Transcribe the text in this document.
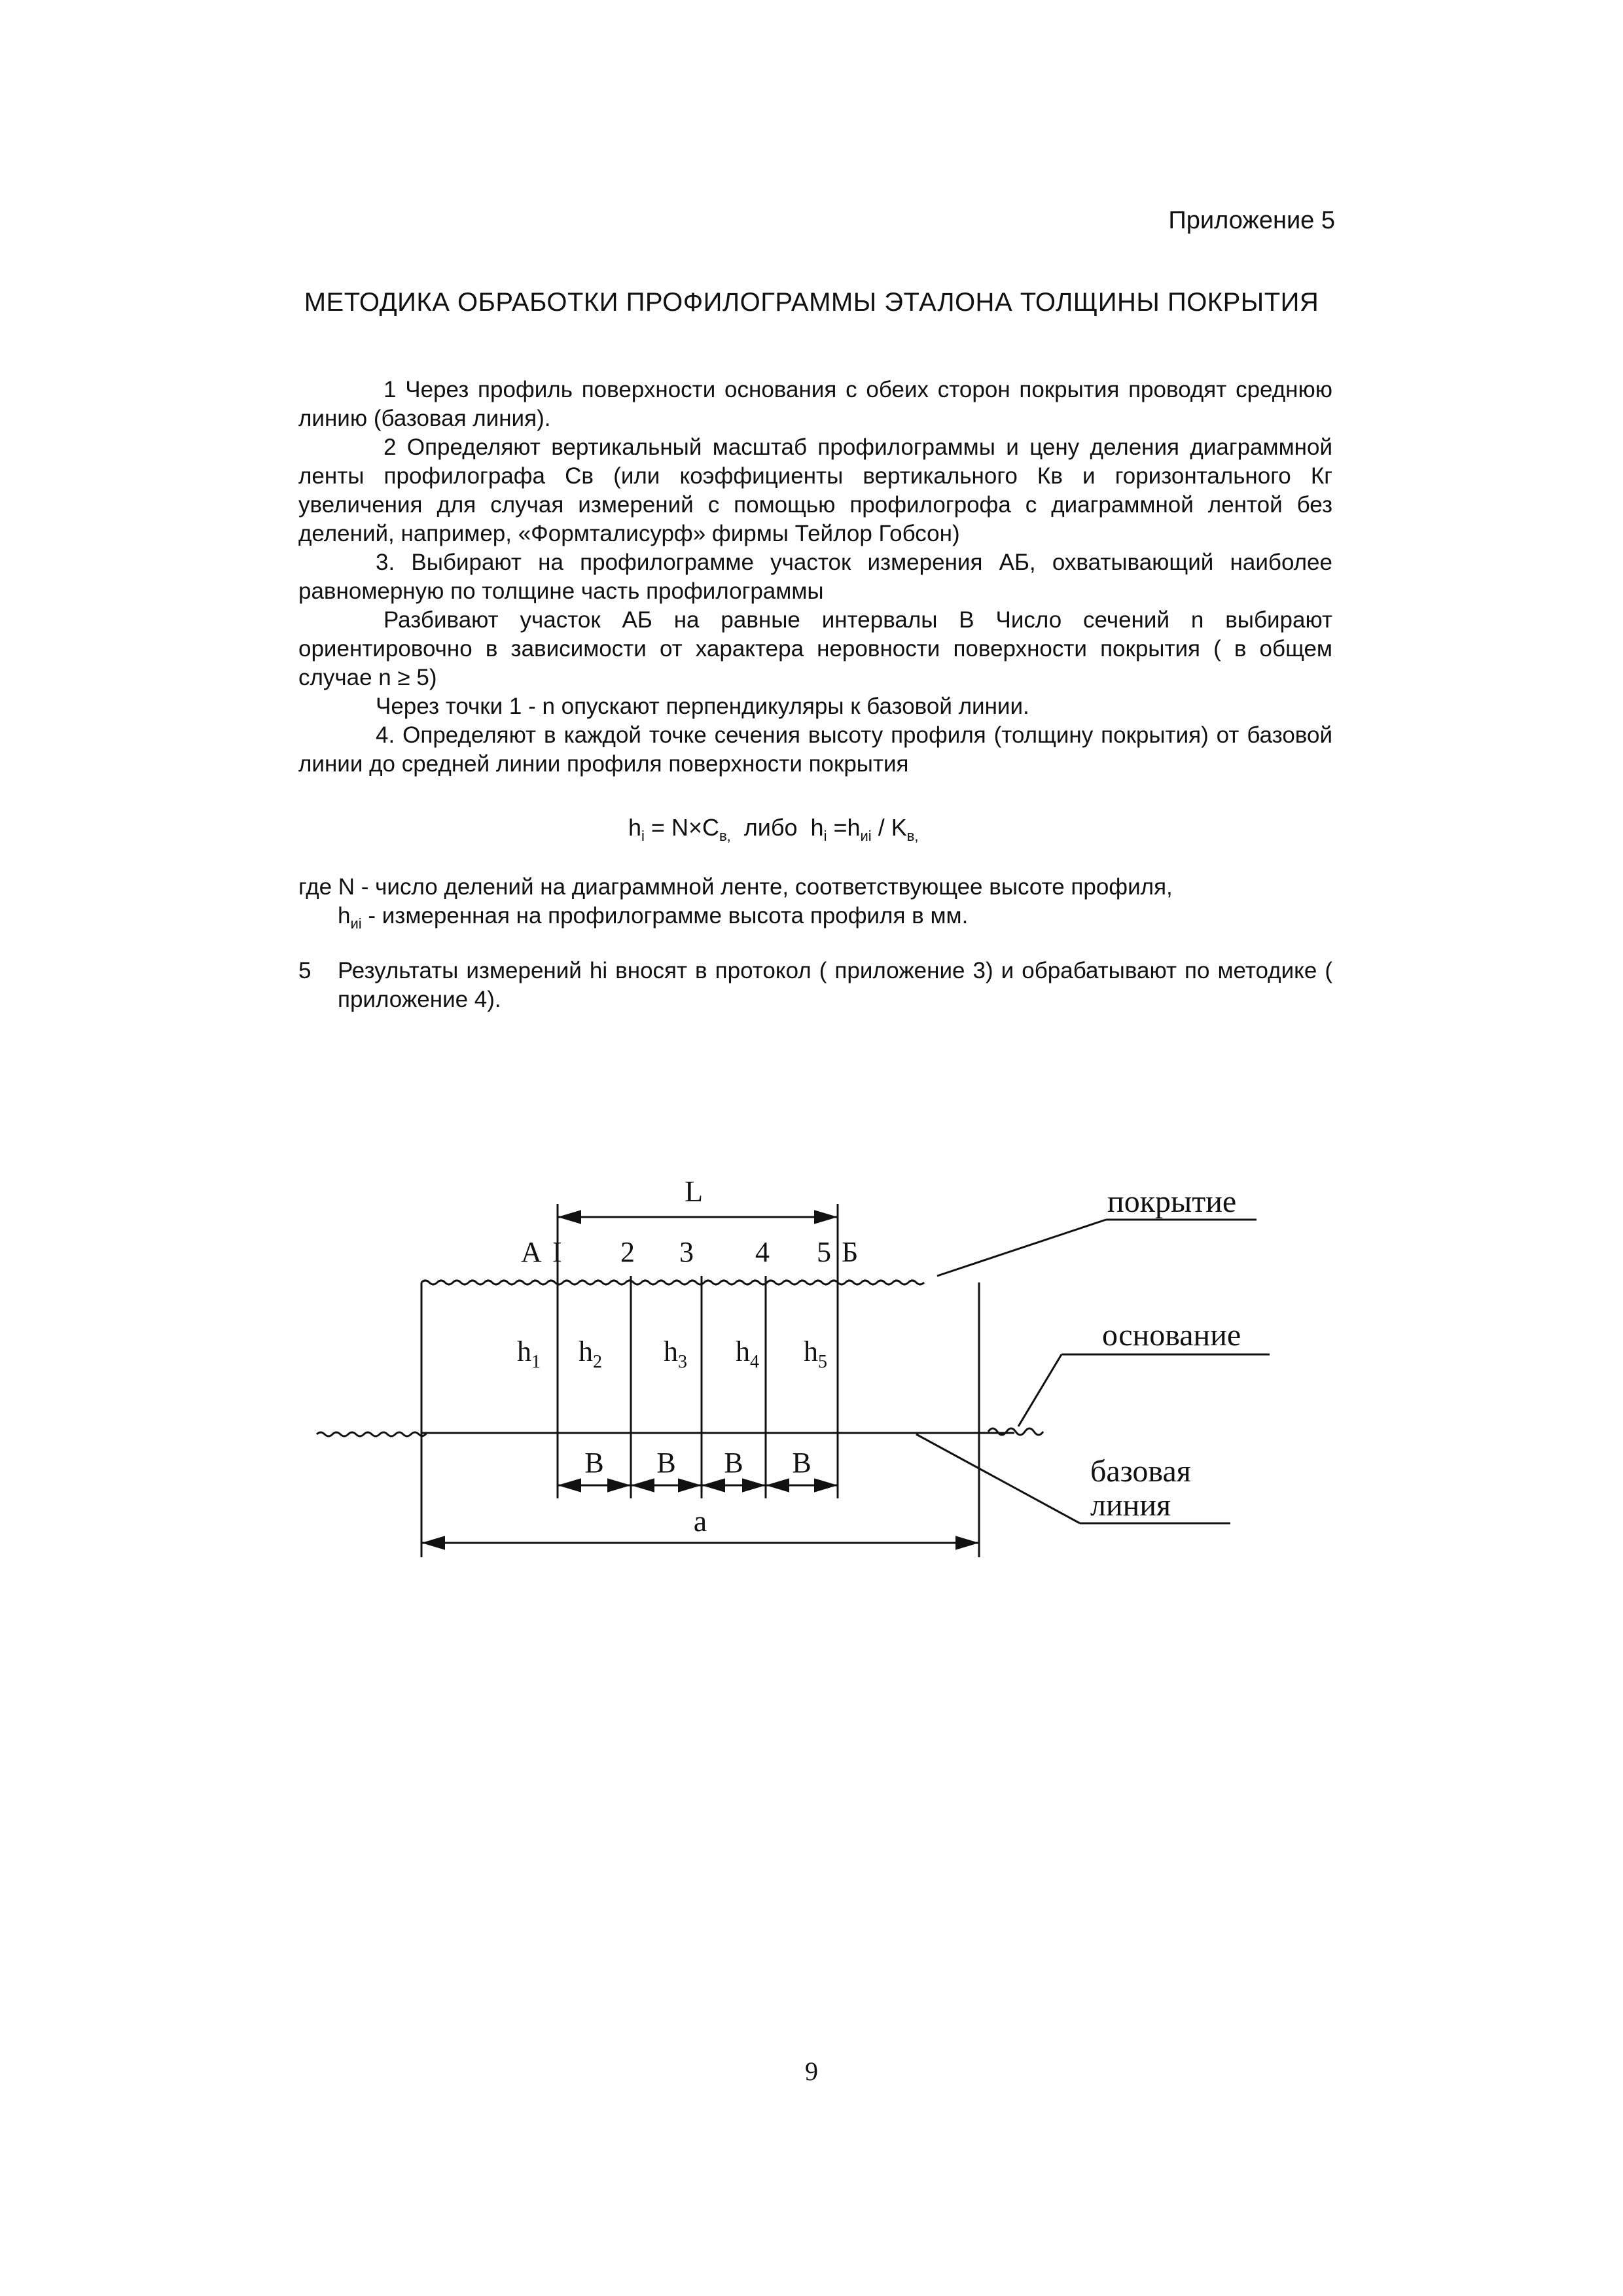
Приложение 5
МЕТОДИКА ОБРАБОТКИ ПРОФИЛОГРАММЫ ЭТАЛОНА ТОЛЩИНЫ ПОКРЫТИЯ

1 Через профиль поверхности основания с обеих сторон покрытия проводят среднюю линию (базовая линия).

2 Определяют вертикальный масштаб профилограммы и цену деления диаграммной ленты профилографа Св (или коэффициенты вертикального Кв и горизонтального Кг увеличения для случая измерений с помощью профилогрофа с диаграммной лентой без делений, например, «Формталисурф» фирмы Тейлор Гобсон)

3. Выбирают на профилограмме участок измерения АБ, охватывающий наиболее равномерную по толщине часть профилограммы

Разбивают участок АБ на равные интервалы В Число сечений n выбирают ориентировочно в зависимости от характера неровности поверхности покрытия ( в общем случае n ≥ 5)

Через точки 1 - n опускают перпендикуляры к базовой линии.

4. Определяют в каждой точке сечения высоту профиля (толщину покрытия) от базовой линии до средней линии профиля поверхности покрытия

$h_i = N\times C_{в,}$  либо  $h_i =h_{иi} / K_{в,}$

где N - число делений на диаграммной ленте, соответствующее высоте профиля,

$h_{иi}$ - измеренная на профилограмме высота профиля в мм.

5 Результаты измерений hi вносят в протокол ( приложение 3) и обрабатывают по методике ( приложение 4).
L
A I 2 3 4 5 Б
$h_1$ $h_2$ $h_3$ $h_4$ $h_5$
B B B B
a
покрытие
основание
базовая
линия
9
